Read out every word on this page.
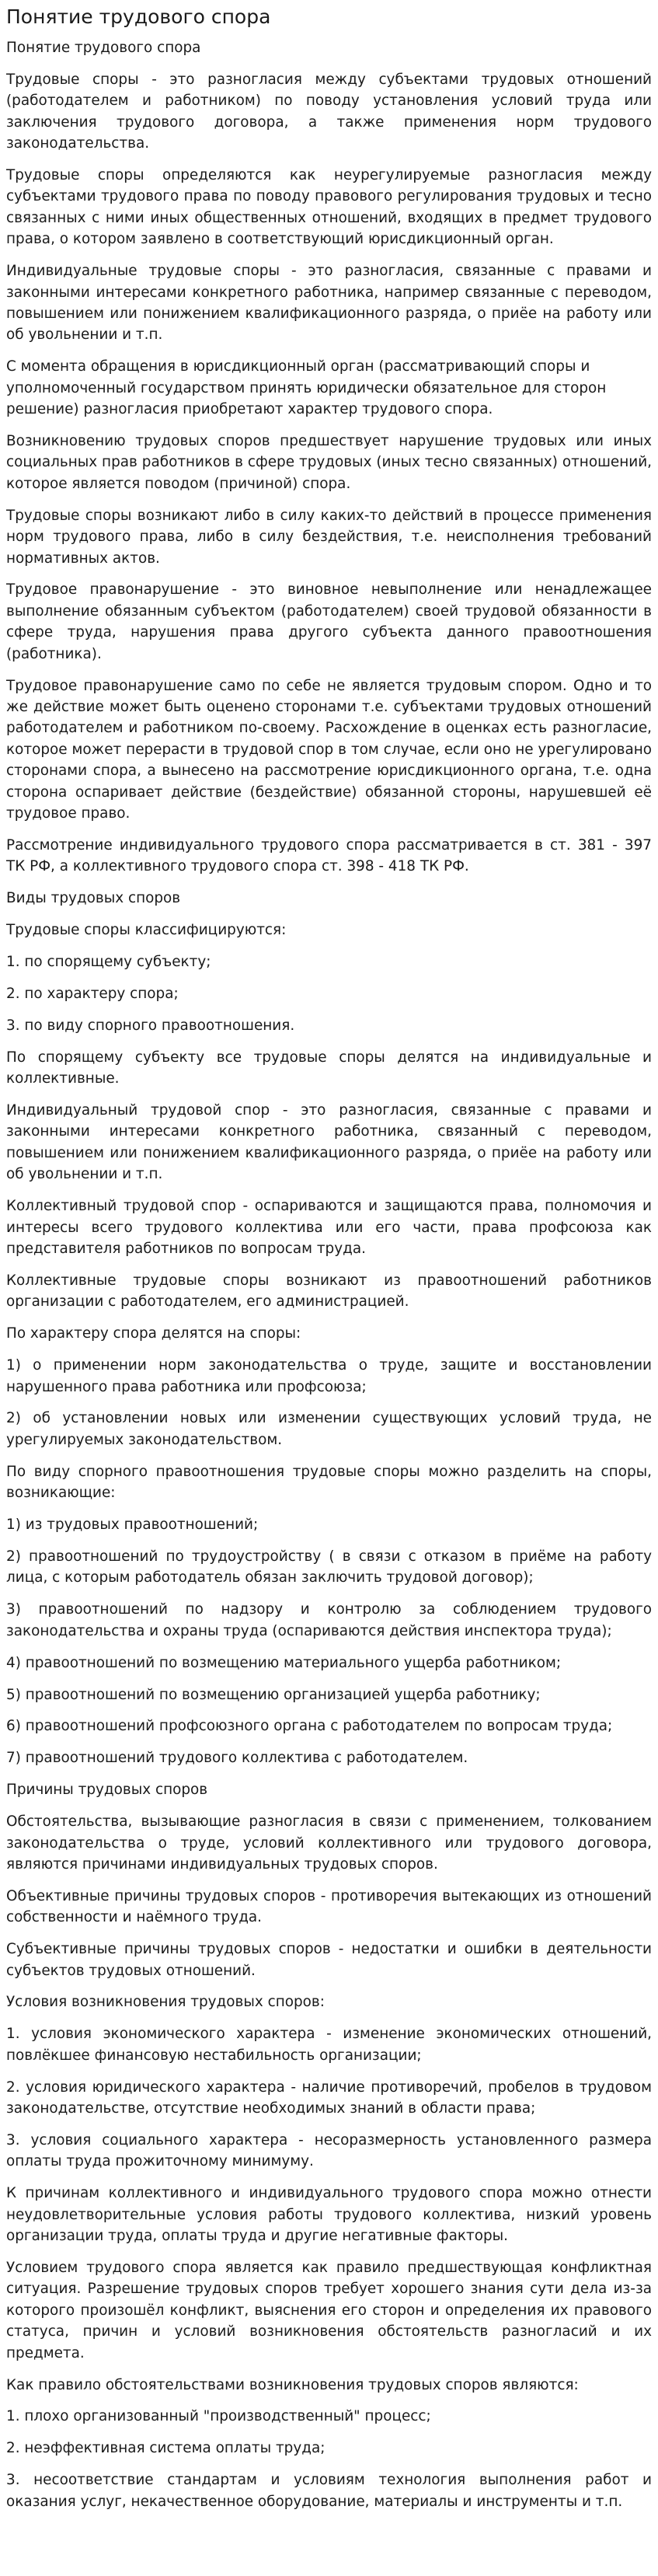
Понятие трудового спора

Понятие трудового спора

Трудовые споры - это разногласия между субъектами трудовых отношений (работодателем и работником) по поводу установления условий труда или заключения трудового договора, а также применения норм трудового законодательства.

Трудовые споры определяются как неурегулируемые разногласия между субъектами трудового права по поводу правового регулирования трудовых и тесно связанных с ними иных общественных отношений, входящих в предмет трудового права, о котором заявлено в соответствующий юрисдикционный орган.

Индивидуальные трудовые споры - это разногласия, связанные с правами и законными интересами конкретного работника, например связанные с переводом, повышением или понижением квалификационного разряда, о приёе на работу или об увольнении и т.п.

С момента обращения в юрисдикционный орган (рассматривающий споры и уполномоченный государством принять юридически обязательное для сторон решение) разногласия приобретают характер трудового спора.

Возникновению трудовых споров предшествует нарушение трудовых или иных социальных прав работников в сфере трудовых (иных тесно связанных) отношений, которое является поводом (причиной) спора.

Трудовые споры возникают либо в силу каких-то действий в процессе применения норм трудового права, либо в силу бездействия, т.е. неисполнения требований нормативных актов.

Трудовое правонарушение - это виновное невыполнение или ненадлежащее выполнение обязанным субъектом (работодателем) своей трудовой обязанности в сфере труда, нарушения права другого субъекта данного правоотношения (работника).

Трудовое правонарушение само по себе не является трудовым спором. Одно и то же действие может быть оценено сторонами т.е. субъектами трудовых отношений работодателем и работником по-своему. Расхождение в оценках есть разногласие, которое может перерасти в трудовой спор в том случае, если оно не урегулировано сторонами спора, а вынесено на рассмотрение юрисдикционного органа, т.е. одна сторона оспаривает действие (бездействие) обязанной стороны, нарушевшей её трудовое право.

Рассмотрение индивидуального трудового спора рассматривается в ст. 381 - 397 ТК РФ, а коллективного трудового спора ст. 398 - 418 ТК РФ.

Виды трудовых споров

Трудовые споры классифицируются:

1. по спорящему субъекту;

2. по характеру спора;

3. по виду спорного правоотношения.

По спорящему субъекту все трудовые споры делятся на индивидуальные и коллективные.

Индивидуальный трудовой спор - это разногласия, связанные с правами и законными интересами конкретного работника, связанный с переводом, повышением или понижением квалификационного разряда, о приёе на работу или об увольнении и т.п.

Коллективный трудовой спор - оспариваются и защищаются права, полномочия и интересы всего трудового коллектива или его части, права профсоюза как представителя работников по вопросам труда.

Коллективные трудовые споры возникают из правоотношений работников организации с работодателем, его администрацией.

По характеру спора делятся на споры:

1) о применении норм законодательства о труде, защите и восстановлении нарушенного права работника или профсоюза;

2) об установлении новых или изменении существующих условий труда, не урегулируемых законодательством.

По виду спорного правоотношения трудовые споры можно разделить на споры, возникающие:

1) из трудовых правоотношений;

2) правоотношений по трудоустройству ( в связи с отказом в приёме на работу лица, с которым работодатель обязан заключить трудовой договор);

3) правоотношений по надзору и контролю за соблюдением трудового законодательства и охраны труда (оспариваются действия инспектора труда);

4) правоотношений по возмещению материального ущерба работником;

5) правоотношений по возмещению организацией ущерба работнику;

6) правоотношений профсоюзного органа с работодателем по вопросам труда;

7) правоотношений трудового коллектива с работодателем.

Причины трудовых споров

Обстоятельства, вызывающие разногласия в связи с применением, толкованием законодательства о труде, условий коллективного или трудового договора, являются причинами индивидуальных трудовых споров.

Объективные причины трудовых споров - противоречия вытекающих из отношений собственности и наёмного труда.

Субъективные причины трудовых споров - недостатки и ошибки в деятельности субъектов трудовых отношений.

Условия возникновения трудовых споров:

1. условия экономического характера - изменение экономических отношений, повлёкшее финансовую нестабильность организации;

2. условия юридического характера - наличие противоречий, пробелов в трудовом законодательстве, отсутствие необходимых знаний в области права;

3. условия социального характера - несоразмерность установленного размера оплаты труда прожиточному минимуму.

К причинам коллективного и индивидуального трудового спора можно отнести неудовлетворительные условия работы трудового коллектива, низкий уровень организации труда, оплаты труда и другие негативные факторы.

Условием трудового спора является как правило предшествующая конфликтная ситуация. Разрешение трудовых споров требует хорошего знания сути дела из-за которого произошёл конфликт, выяснения его сторон и определения их правового статуса, причин и условий возникновения обстоятельств разногласий и их предмета.

Как правило обстоятельствами возникновения трудовых споров являются:

1. плохо организованный "производственный" процесс;

2. неэффективная система оплаты труда;

3. несоответствие стандартам и условиям технология выполнения работ и оказания услуг, некачественное оборудование, материалы и инструменты и т.п.
